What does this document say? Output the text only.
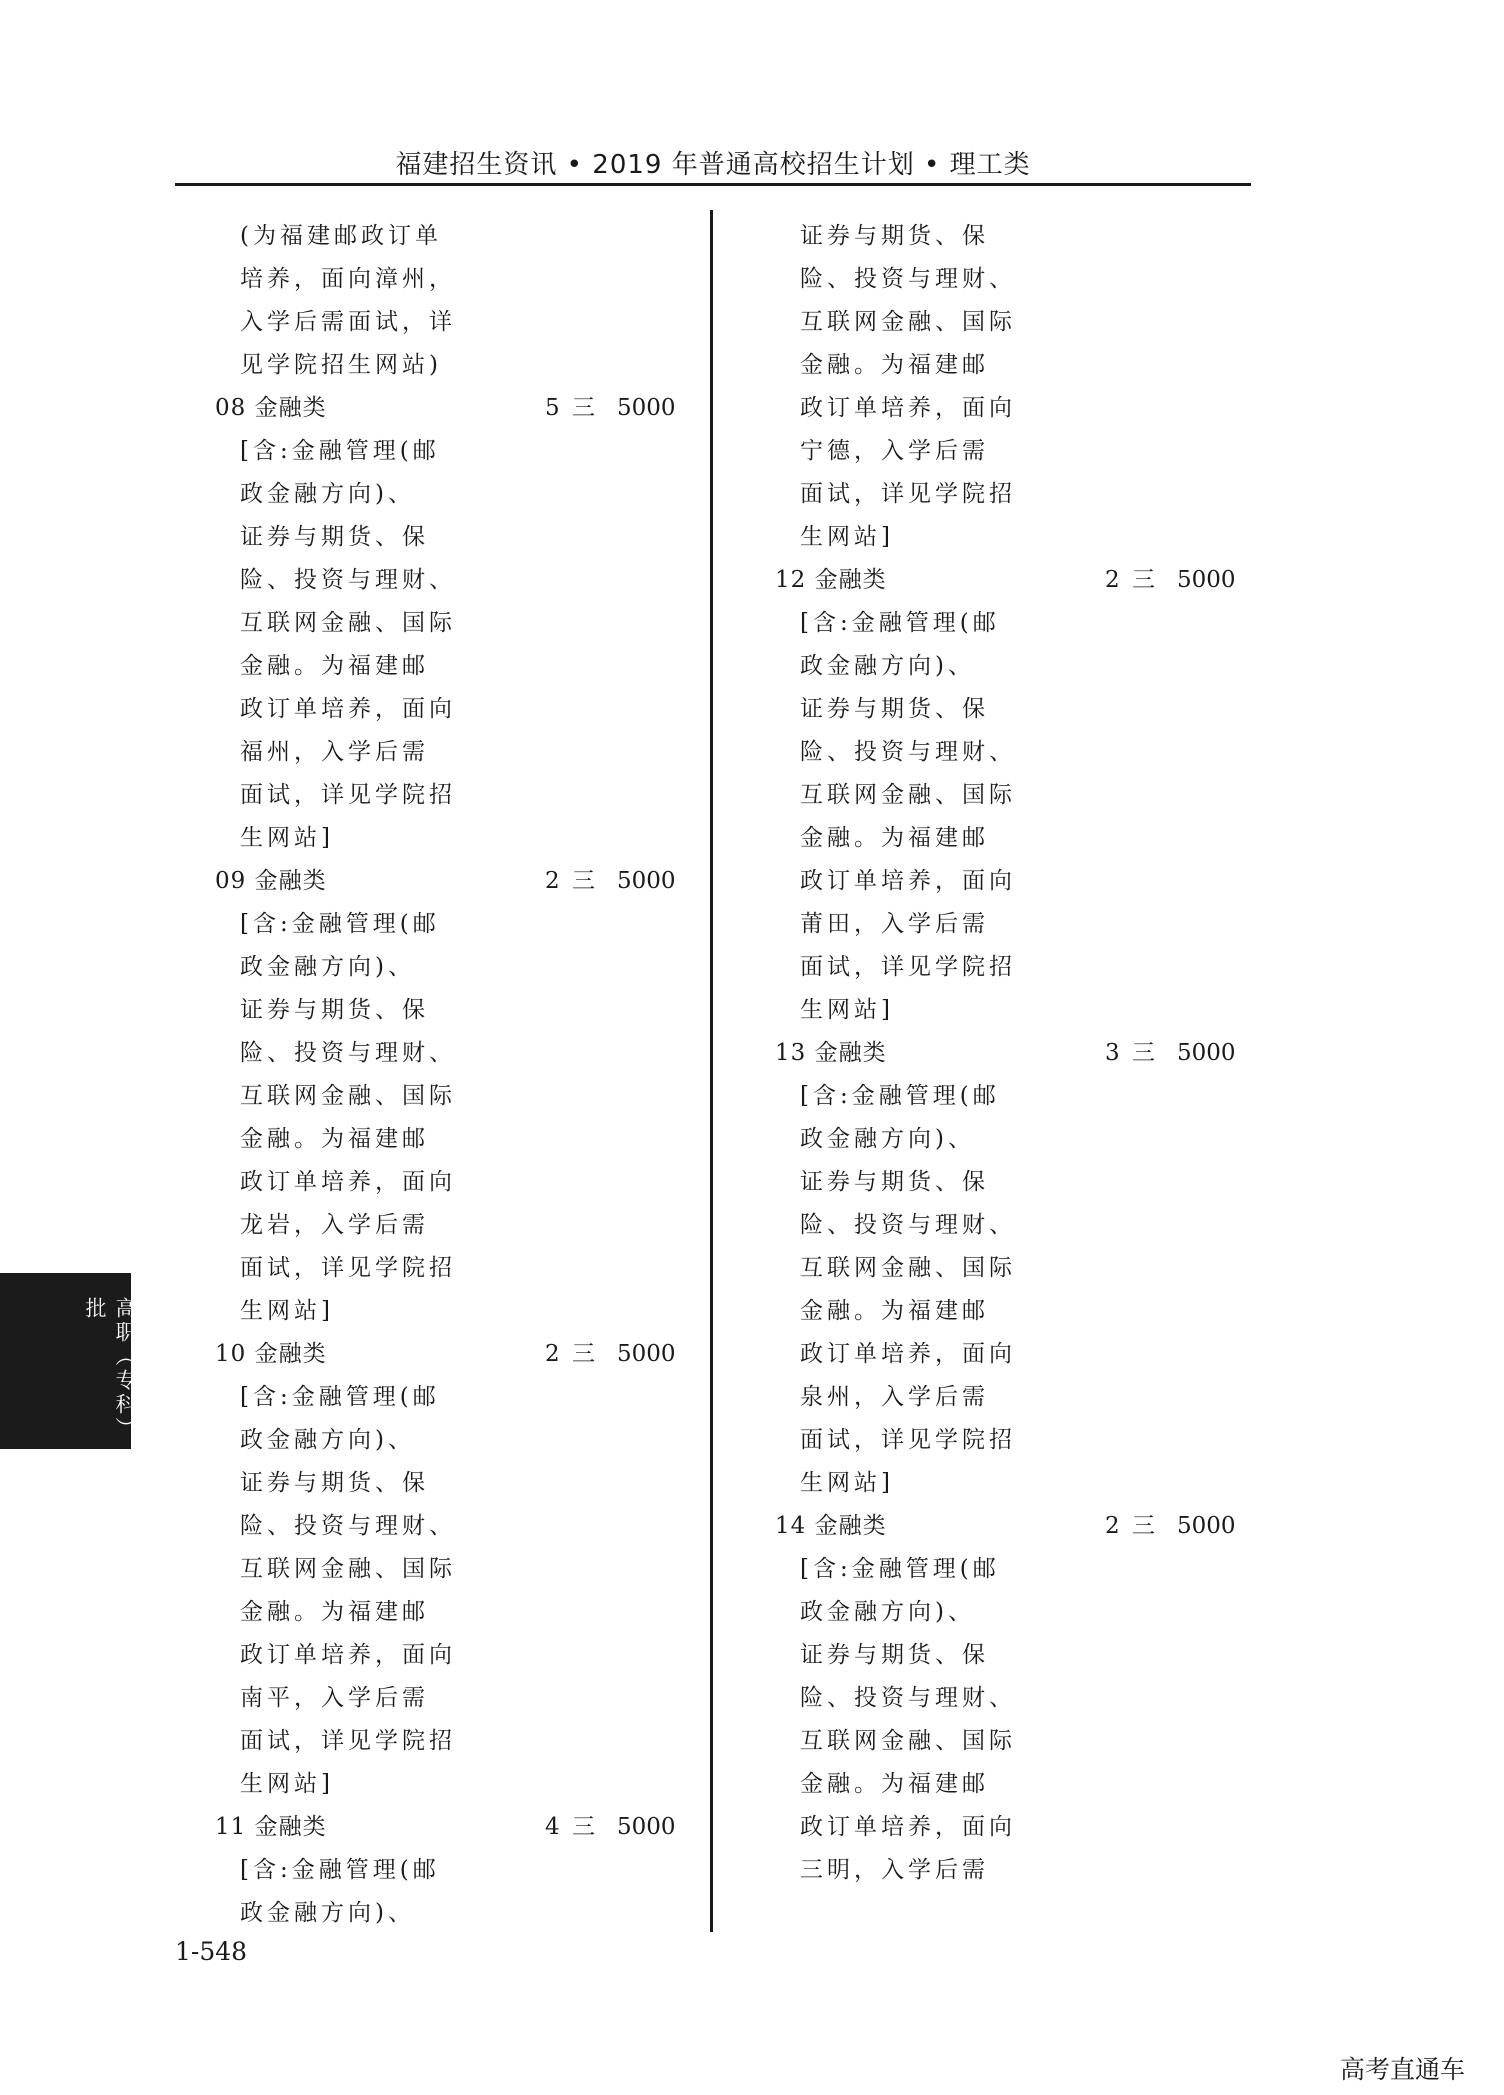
福建招生资讯 • 2019 年普通高校招生计划 • 理工类
(为福建邮政订单
培养，面向漳州，
入学后需面试，详
见学院招生网站)
08 金融类	5 三 5000
[含:金融管理(邮
政金融方向)、
证券与期货、保
险、投资与理财、
互联网金融、国际
金融。为福建邮
政订单培养，面向
福州，入学后需
面试，详见学院招
生网站]
09 金融类	2 三 5000
[含:金融管理(邮
政金融方向)、
证券与期货、保
险、投资与理财、
互联网金融、国际
金融。为福建邮
政订单培养，面向
龙岩，入学后需
面试，详见学院招
生网站]
10 金融类	2 三 5000
[含:金融管理(邮
政金融方向)、
证券与期货、保
险、投资与理财、
互联网金融、国际
金融。为福建邮
政订单培养，面向
南平，入学后需
面试，详见学院招
生网站]
11 金融类	4 三 5000
[含:金融管理(邮
政金融方向)、
证券与期货、保
险、投资与理财、
互联网金融、国际
金融。为福建邮
政订单培养，面向
宁德，入学后需
面试，详见学院招
生网站]
12 金融类	2 三 5000
[含:金融管理(邮
政金融方向)、
证券与期货、保
险、投资与理财、
互联网金融、国际
金融。为福建邮
政订单培养，面向
莆田，入学后需
面试，详见学院招
生网站]
13 金融类	3 三 5000
[含:金融管理(邮
政金融方向)、
证券与期货、保
险、投资与理财、
互联网金融、国际
金融。为福建邮
政订单培养，面向
泉州，入学后需
面试，详见学院招
生网站]
14 金融类	2 三 5000
[含:金融管理(邮
政金融方向)、
证券与期货、保
险、投资与理财、
互联网金融、国际
金融。为福建邮
政订单培养，面向
三明，入学后需
高职（专科）批
1-548
高考直通车
